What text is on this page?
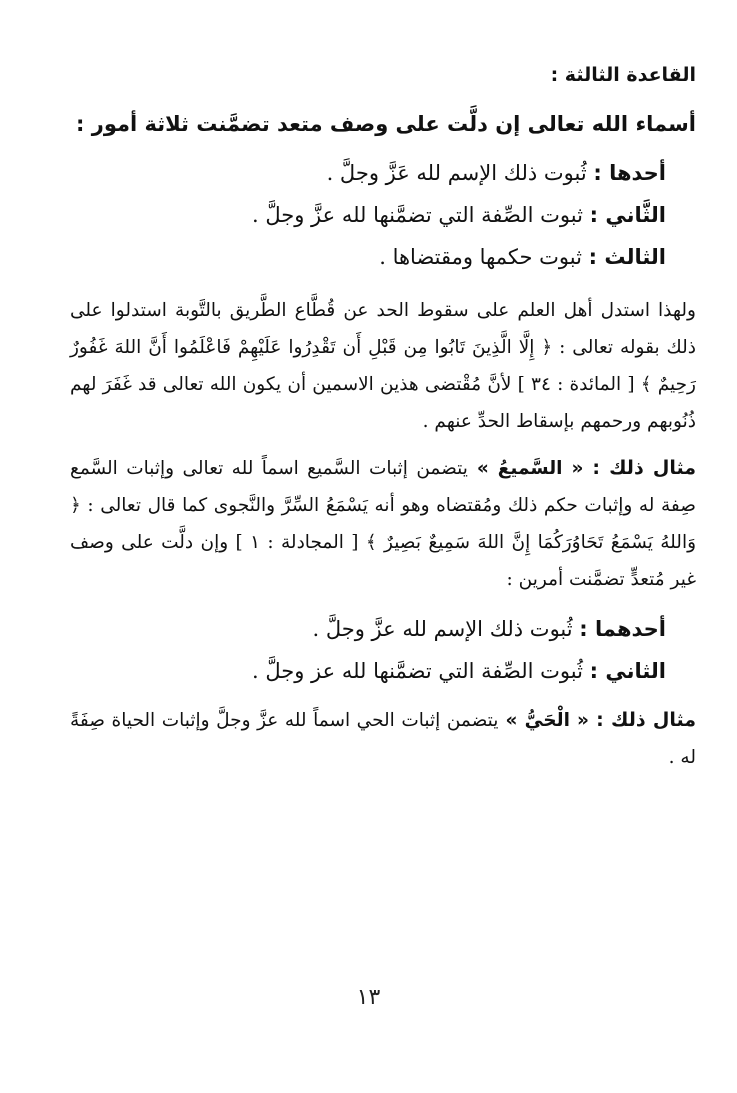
القاعدة الثالثة :
أسماء الله تعالى إن دلَّت على وصف متعد تضمَّنت ثلاثة أمور :

أحدها : ثُبوت ذلك الإسم لله عَزَّ وجلَّ .

الثَّاني : ثبوت الصِّفة التي تضمَّنها لله عزَّ وجلَّ .

الثالث : ثبوت حكمها ومقتضاها .

ولهذا استدل أهل العلم على سقوط الحد عن قُطَّاع الطَّريق بالتَّوبة استدلوا على ذلك بقوله تعالى : ﴿ إِلَّا الَّذِينَ تَابُوا مِن قَبْلِ أَن تَقْدِرُوا عَلَيْهِمْ فَاعْلَمُوا أَنَّ اللهَ غَفُورٌ رَحِيمٌ ﴾ [ المائدة : ٣٤ ] لأنَّ مُقْتضى هذين الاسمين أن يكون الله تعالى قد غَفَرَ لهم ذُنُوبهم ورحمهم بإسقاط الحدِّ عنهم .

مثال ذلك : « السَّميعُ » يتضمن إثبات السَّميع اسماً لله تعالى وإثبات السَّمع صِفة له وإثبات حكم ذلك ومُقتضاه وهو أنه يَسْمَعُ السِّرَّ والنَّجوى كما قال تعالى : ﴿ وَاللهُ يَسْمَعُ تَحَاوُرَكُمَا إِنَّ اللهَ سَمِيعٌ بَصِيرٌ ﴾ [ المجادلة : ١ ] وإن دلَّت على وصف غير مُتعدٍّ تضمَّنت أمرين :

أحدهما : ثُبوت ذلك الإسم لله عزَّ وجلَّ .

الثاني : ثُبوت الصِّفة التي تضمَّنها لله عز وجلَّ .

مثال ذلك : « الْحَيُّ » يتضمن إثبات الحي اسماً لله عزَّ وجلَّ وإثبات الحياة صِفَةً له .

١٣
